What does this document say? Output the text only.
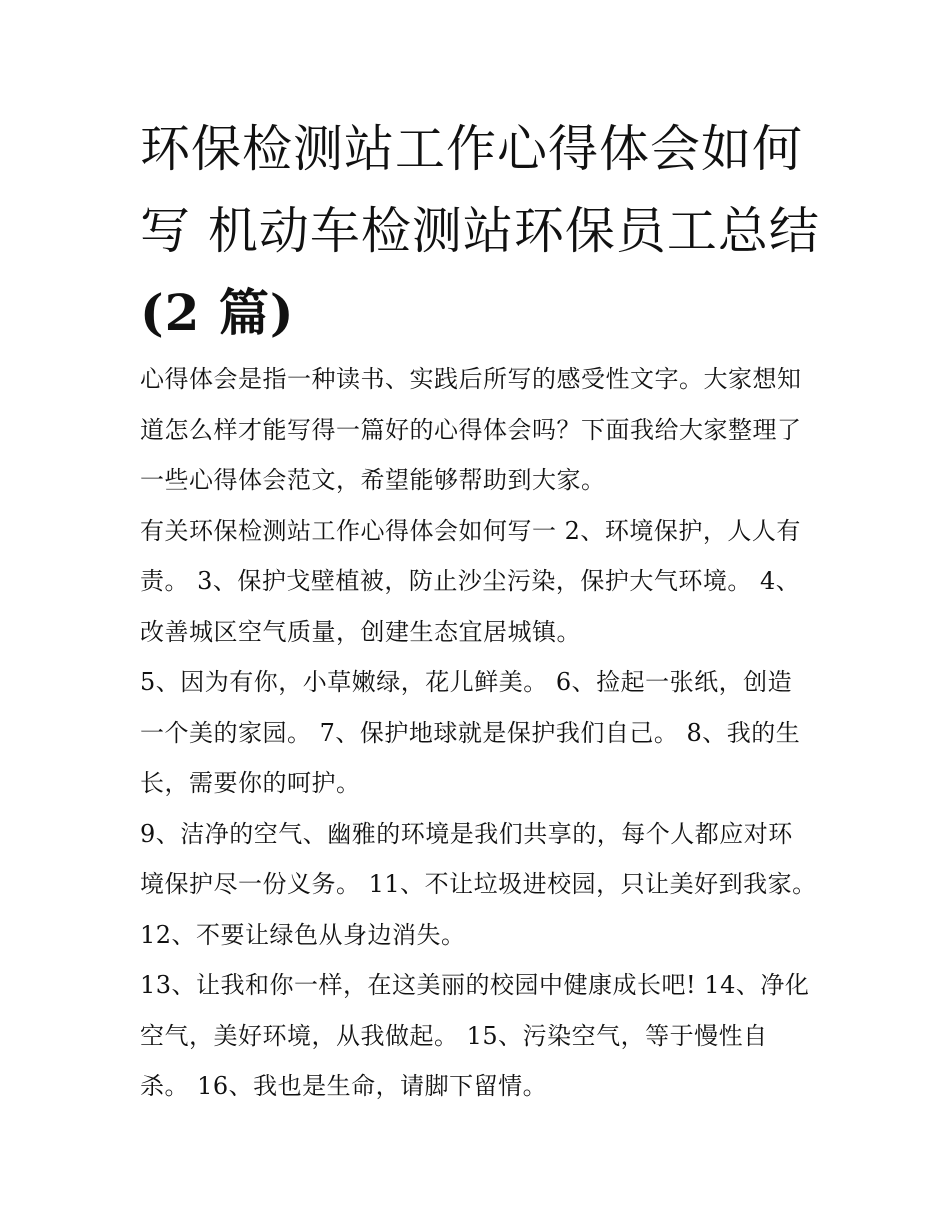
环保检测站工作心得体会如何
写 机动车检测站环保员工总结
(2 篇)

心得体会是指一种读书、实践后所写的感受性文字。大家想知
道怎么样才能写得一篇好的心得体会吗？下面我给大家整理了
一些心得体会范文，希望能够帮助到大家。

有关环保检测站工作心得体会如何写一 2、环境保护，人人有
责。 3、保护戈壁植被，防止沙尘污染，保护大气环境。 4、
改善城区空气质量，创建生态宜居城镇。

5、因为有你，小草嫩绿，花儿鲜美。 6、捡起一张纸，创造
一个美的家园。 7、保护地球就是保护我们自己。 8、我的生
长，需要你的呵护。

9、洁净的空气、幽雅的环境是我们共享的，每个人都应对环
境保护尽一份义务。 11、不让垃圾进校园，只让美好到我家。
12、不要让绿色从身边消失。

13、让我和你一样，在这美丽的校园中健康成长吧! 14、净化
空气，美好环境，从我做起。 15、污染空气，等于慢性自
杀。 16、我也是生命，请脚下留情。
